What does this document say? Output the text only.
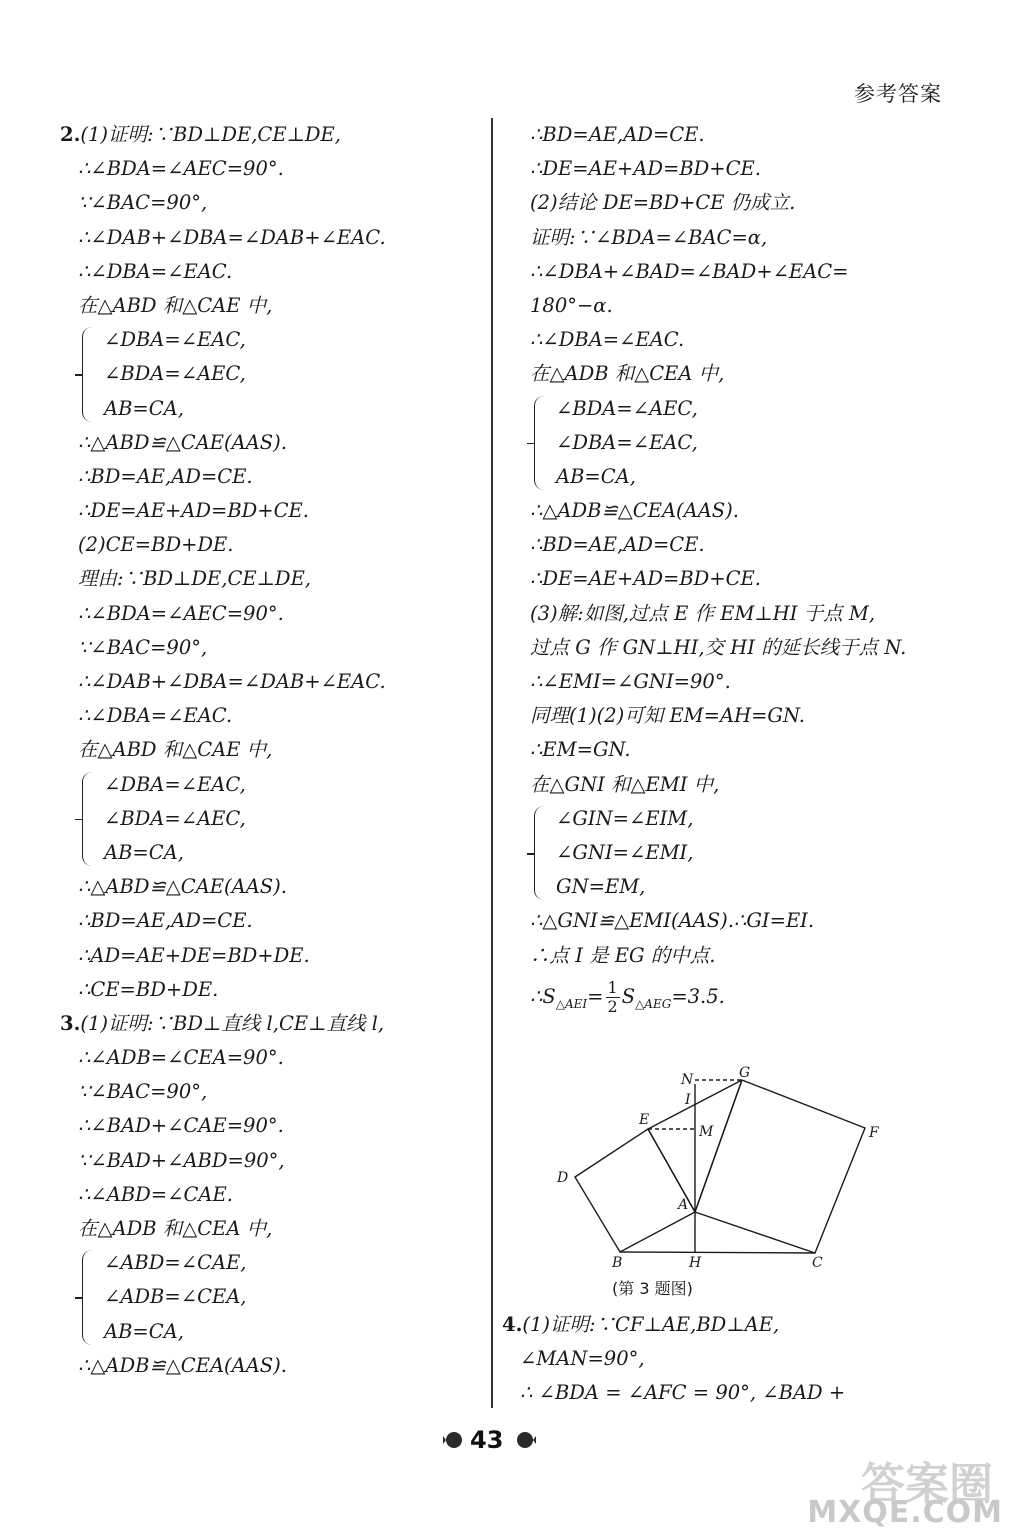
参考答案
2.(1)证明:∵BD⊥DE,CE⊥DE,
∴∠BDA=∠AEC=90°.
∵∠BAC=90°,
∴∠DAB+∠DBA=∠DAB+∠EAC.
∴∠DBA=∠EAC.
在△ABD 和△CAE 中,
∠DBA=∠EAC,
∠BDA=∠AEC,
AB=CA,
∴△ABD≌△CAE(AAS).
∴BD=AE,AD=CE.
∴DE=AE+AD=BD+CE.
(2)CE=BD+DE.
理由:∵BD⊥DE,CE⊥DE,
∴∠BDA=∠AEC=90°.
∵∠BAC=90°,
∴∠DAB+∠DBA=∠DAB+∠EAC.
∴∠DBA=∠EAC.
在△ABD 和△CAE 中,
∠DBA=∠EAC,
∠BDA=∠AEC,
AB=CA,
∴△ABD≌△CAE(AAS).
∴BD=AE,AD=CE.
∴AD=AE+DE=BD+DE.
∴CE=BD+DE.
3.(1)证明:∵BD⊥直线 l,CE⊥直线 l,
∴∠ADB=∠CEA=90°.
∵∠BAC=90°,
∴∠BAD+∠CAE=90°.
∵∠BAD+∠ABD=90°,
∴∠ABD=∠CAE.
在△ADB 和△CEA 中,
∠ABD=∠CAE,
∠ADB=∠CEA,
AB=CA,
∴△ADB≌△CEA(AAS).
∴BD=AE,AD=CE.
∴DE=AE+AD=BD+CE.
(2)结论 DE=BD+CE 仍成立.
证明:∵∠BDA=∠BAC=α,
∴∠DBA+∠BAD=∠BAD+∠EAC=
180°−α.
∴∠DBA=∠EAC.
在△ADB 和△CEA 中,
∠BDA=∠AEC,
∠DBA=∠EAC,
AB=CA,
∴△ADB≌△CEA(AAS).
∴BD=AE,AD=CE.
∴DE=AE+AD=BD+CE.
(3)解:如图,过点 E 作 EM⊥HI 于点 M,
过点 G 作 GN⊥HI,交 HI 的延长线于点 N.
∴∠EMI=∠GNI=90°.
同理(1)(2)可知 EM=AH=GN.
∴EM=GN.
在△GNI 和△EMI 中,
∠GIN=∠EIM,
∠GNI=∠EMI,
GN=EM,
∴△GNI≌△EMI(AAS).∴GI=EI.
∴点 I 是 EG 的中点.
$\therefore S_{\triangle AEI}= \frac{1}{2} S_{\triangle AEG}=3.5$.
4.(1)证明:∵CF⊥AE,BD⊥AE,
∠MAN=90°,
∴ ∠BDA = ∠AFC = 90°, ∠BAD +
N	G
I
E
M	F
D
A
B	H	C
(第 3 题图)
43
答案圈
MXQE.COM
